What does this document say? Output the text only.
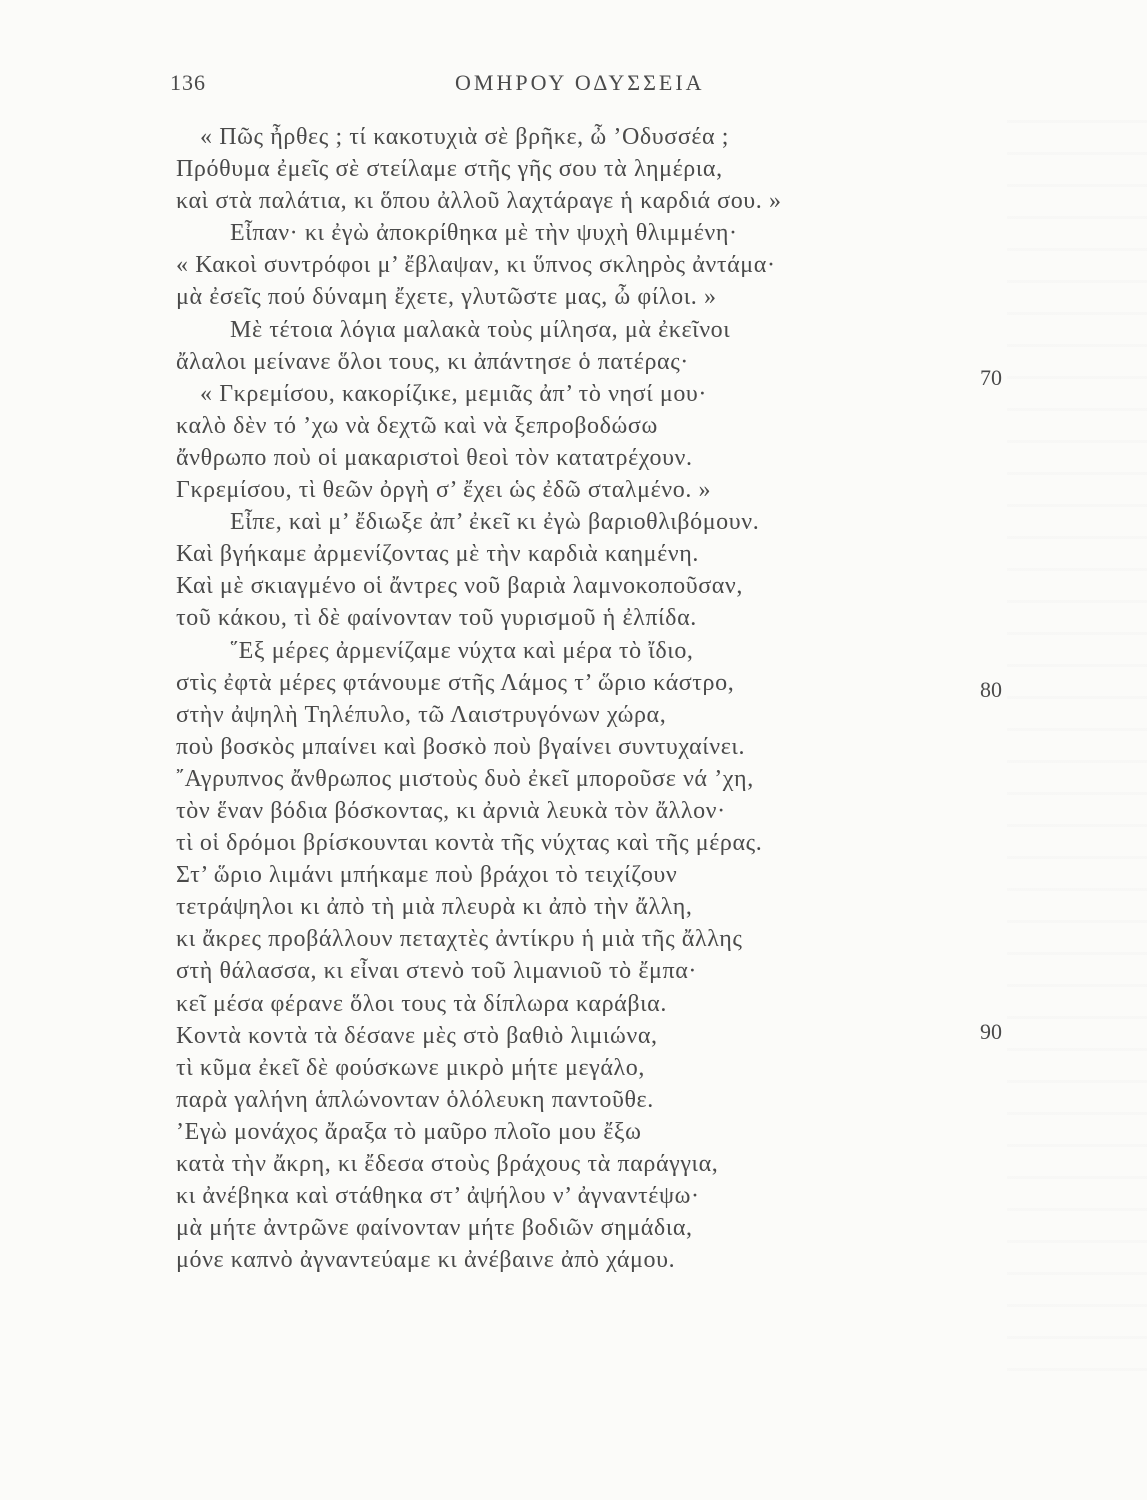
136	ΟΜΗΡΟΥ ΟΔΥΣΣΕΙΑ
« Πῶς ἦρθες ; τί κακοτυχιὰ σὲ βρῆκε, ὦ ’Οδυσσέα ;
Πρόθυμα ἐμεῖς σὲ στείλαμε στῆς γῆς σου τὰ λημέρια,
καὶ στὰ παλάτια, κι ὅπου ἀλλοῦ λαχτάραγε ἡ καρδιά σου. »
Εἶπαν· κι ἐγὼ ἀποκρίθηκα μὲ τὴν ψυχὴ θλιμμένη·
« Κακοὶ συντρόφοι μ’ ἔβλαψαν, κι ὕπνος σκληρὸς ἀντάμα·
μὰ ἐσεῖς πού δύναμη ἔχετε, γλυτῶστε μας, ὦ φίλοι. »
Μὲ τέτοια λόγια μαλακὰ τοὺς μίλησα, μὰ ἐκεῖνοι
ἄλαλοι μείνανε ὅλοι τους, κι ἀπάντησε ὁ πατέρας·
« Γκρεμίσου, κακορίζικε, μεμιᾶς ἀπ’ τὸ νησί μου·
καλὸ δὲν τό ’χω νὰ δεχτῶ καὶ νὰ ξεπροβοδώσω
ἄνθρωπο ποὺ οἱ μακαριστοὶ θεοὶ τὸν κατατρέχουν.
Γκρεμίσου, τὶ θεῶν ὀργὴ σ’ ἔχει ὡς ἐδῶ σταλμένο. »
Εἶπε, καὶ μ’ ἔδιωξε ἀπ’ ἐκεῖ κι ἐγὼ βαριοθλιβόμουν.
Καὶ βγήκαμε ἀρμενίζοντας μὲ τὴν καρδιὰ καημένη.
Καὶ μὲ σκιαγμένο οἱ ἄντρες νοῦ βαριὰ λαμνοκοποῦσαν,
τοῦ κάκου, τὶ δὲ φαίνονταν τοῦ γυρισμοῦ ἡ ἐλπίδα.
῞Εξ μέρες ἀρμενίζαμε νύχτα καὶ μέρα τὸ ἴδιο,
στὶς ἐφτὰ μέρες φτάνουμε στῆς Λάμος τ’ ὥριο κάστρο,
στὴν ἀψηλὴ Τηλέπυλο, τῶ Λαιστρυγόνων χώρα,
ποὺ βοσκὸς μπαίνει καὶ βοσκὸ ποὺ βγαίνει συντυχαίνει.
῎Αγρυπνος ἄνθρωπος μιστοὺς δυὸ ἐκεῖ μποροῦσε νά ’χη,
τὸν ἕναν βόδια βόσκοντας, κι ἀρνιὰ λευκὰ τὸν ἄλλον·
τὶ οἱ δρόμοι βρίσκουνται κοντὰ τῆς νύχτας καὶ τῆς μέρας.
Στ’ ὥριο λιμάνι μπήκαμε ποὺ βράχοι τὸ τειχίζουν
τετράψηλοι κι ἀπὸ τὴ μιὰ πλευρὰ κι ἀπὸ τὴν ἄλλη,
κι ἄκρες προβάλλουν πεταχτὲς ἀντίκρυ ἡ μιὰ τῆς ἄλλης
στὴ θάλασσα, κι εἶναι στενὸ τοῦ λιμανιοῦ τὸ ἔμπα·
κεῖ μέσα φέρανε ὅλοι τους τὰ δίπλωρα καράβια.
Κοντὰ κοντὰ τὰ δέσανε μὲς στὸ βαθιὸ λιμιώνα,
τὶ κῦμα ἐκεῖ δὲ φούσκωνε μικρὸ μήτε μεγάλο,
παρὰ γαλήνη ἁπλώνονταν ὁλόλευκη παντοῦθε.
’Εγὼ μονάχος ἄραξα τὸ μαῦρο πλοῖο μου ἔξω
κατὰ τὴν ἄκρη, κι ἔδεσα στοὺς βράχους τὰ παράγγια,
κι ἀνέβηκα καὶ στάθηκα στ’ ἀψήλου ν’ ἀγναντέψω·
μὰ μήτε ἀντρῶνε φαίνονταν μήτε βοδιῶν σημάδια,
μόνε καπνὸ ἀγναντεύαμε κι ἀνέβαινε ἀπὸ χάμου.
70
80
90
